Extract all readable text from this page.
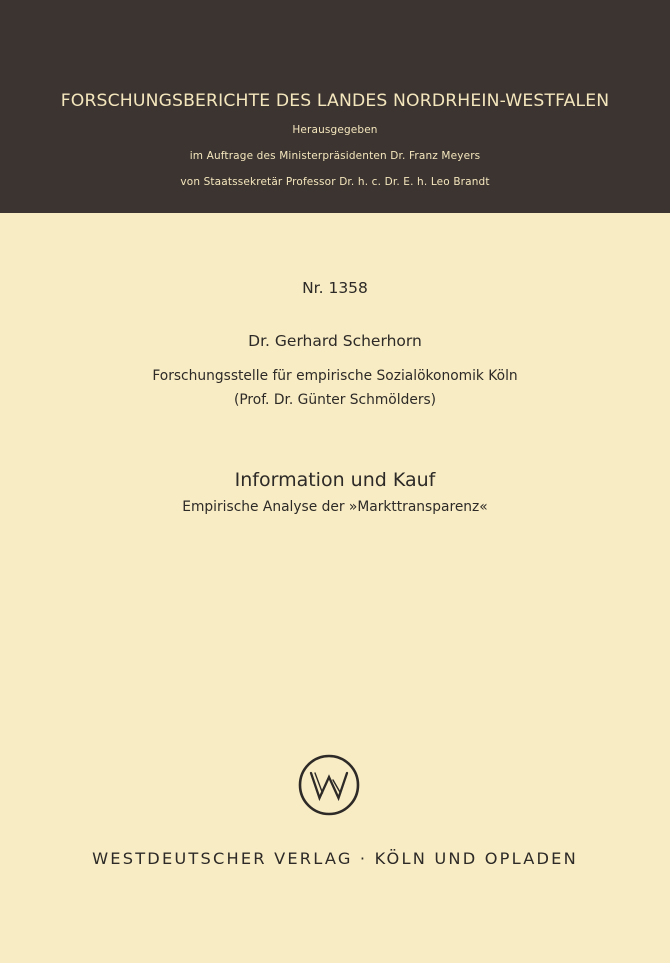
FORSCHUNGSBERICHTE DES LANDES NORDRHEIN-WESTFALEN
Herausgegeben
im Auftrage des Ministerpräsidenten Dr. Franz Meyers
von Staatssekretär Professor Dr. h. c. Dr. E. h. Leo Brandt
Nr. 1358
Dr. Gerhard Scherhorn
Forschungsstelle für empirische Sozialökonomik Köln
(Prof. Dr. Günter Schmölders)
Information und Kauf
Empirische Analyse der »Markttransparenz«
WESTDEUTSCHER VERLAG · KÖLN UND OPLADEN
